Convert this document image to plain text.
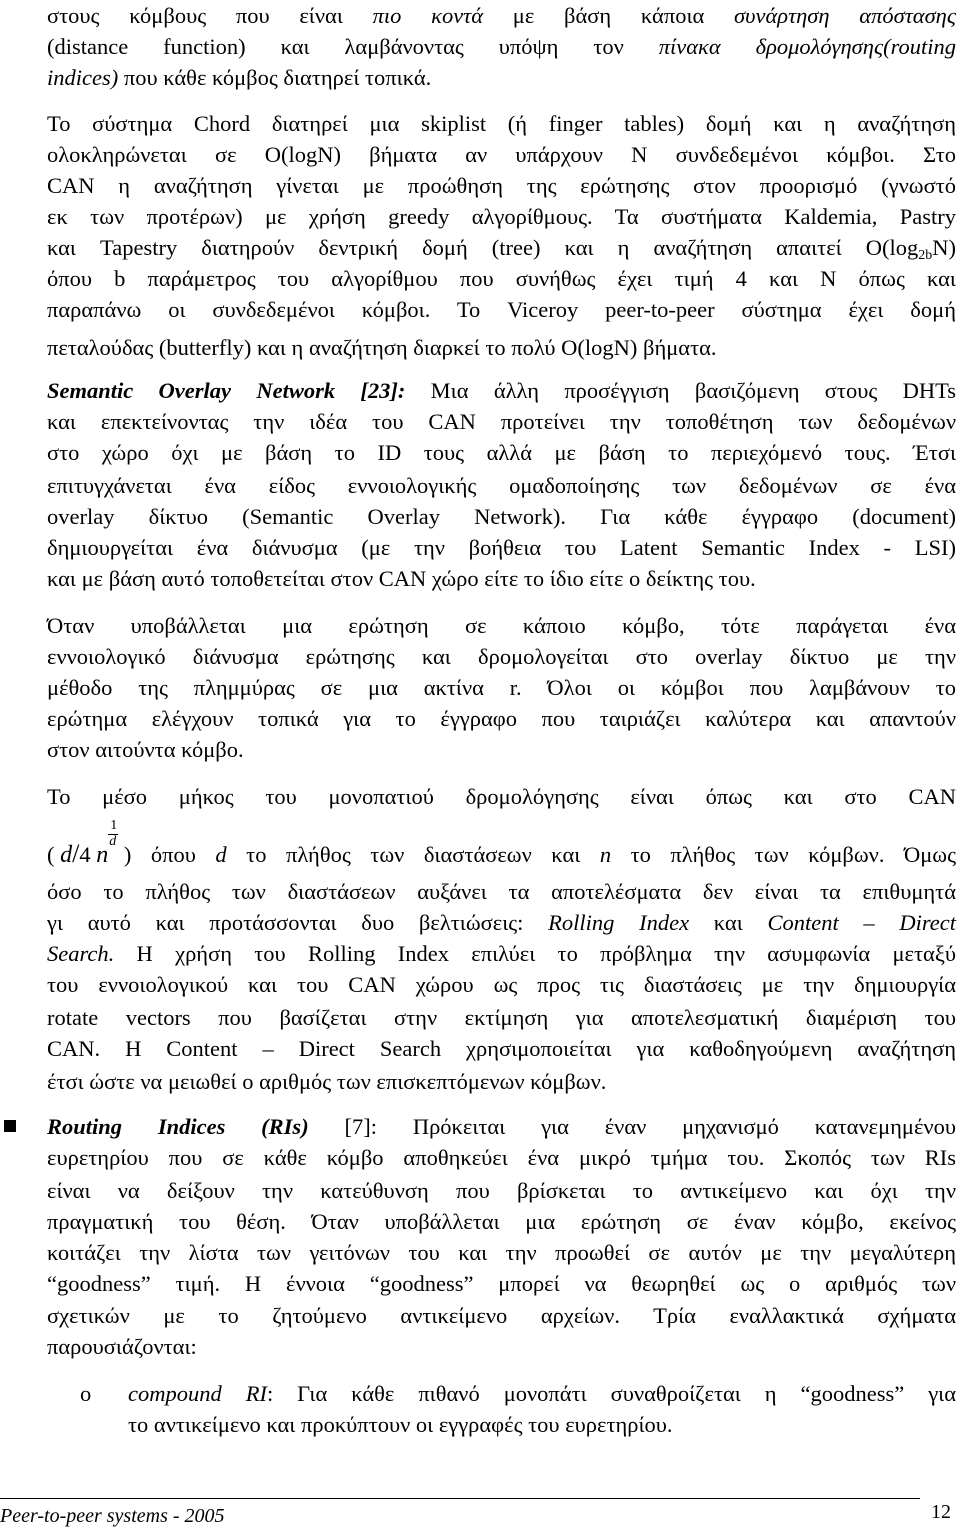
στους κόμβους που είναι πιο κοντά με βάση κάποια συνάρτηση απόστασης
(distance function) και λαμβάνοντας υπόψη τον πίνακα δρομολόγησης(routing
indices) που κάθε κόμβος διατηρεί τοπικά.
Το σύστημα Chord διατηρεί μια skiplist (ή finger tables) δομή και η αναζήτηση
ολοκληρώνεται σε O(logN) βήματα αν υπάρχουν Ν συνδεδεμένοι κόμβοι. Στο
CAN η αναζήτηση γίνεται με προώθηση της ερώτησης στον προορισμό (γνωστό
εκ των προτέρων) με χρήση greedy αλγορίθμους. Τα συστήματα Kaldemia, Pastry
και Tapestry διατηρούν δεντρική δομή (tree) και η αναζήτηση απαιτεί $O(\log_{2b}N)$
όπου b παράμετρος του αλγορίθμου που συνήθως έχει τιμή 4 και N όπως και
παραπάνω οι συνδεδεμένοι κόμβοι. Το Viceroy peer-to-peer σύστημα έχει δομή
πεταλούδας (butterfly) και η αναζήτηση διαρκεί το πολύ O(logN) βήματα.
Semantic Overlay Network [23]: Μια άλλη προσέγγιση βασιζόμενη στους DHTs
και επεκτείνοντας την ιδέα του CAN προτείνει την τοποθέτηση των δεδομένων
στο χώρο όχι με βάση το ID τους αλλά με βάση το περιεχόμενό τους. Έτσι
επιτυγχάνεται ένα είδος εννοιολογικής ομαδοποίησης των δεδομένων σε ένα
overlay δίκτυο (Semantic Overlay Network). Για κάθε έγγραφο (document)
δημιουργείται ένα διάνυσμα (με την βοήθεια του Latent Semantic Index - LSI)
και με βάση αυτό τοποθετείται στον CAN χώρο είτε το ίδιο είτε ο δείκτης του.
Όταν υποβάλλεται μια ερώτηση σε κάποιο κόμβο, τότε παράγεται ένα
εννοιολογικό διάνυσμα ερώτησης και δρομολογείται στο overlay δίκτυο με την
μέθοδο της πλημμύρας σε μια ακτίνα r. Όλοι οι κόμβοι που λαμβάνουν το
ερώτημα ελέγχουν τοπικά για το έγγραφο που ταιριάζει καλύτερα και απαντούν
στον αιτούντα κόμβο.
Το μέσο μήκος του μονοπατιού δρομολόγησης είναι όπως και στο CAN
( d/4 n $\frac{1}{d}$ ) όπου d το πλήθος των διαστάσεων και n το πλήθος των κόμβων. Όμως
όσο το πλήθος των διαστάσεων αυξάνει τα αποτελέσματα δεν είναι τα επιθυμητά
γι αυτό και προτάσσονται δυο βελτιώσεις: Rolling Index και Content – Direct
Search. Η χρήση του Rolling Index επιλύει το πρόβλημα την ασυμφωνία μεταξύ
του εννοιολογικού και του CAN χώρου ως προς τις διαστάσεις με την δημιουργία
rotate vectors που βασίζεται στην εκτίμηση για αποτελεσματική διαμέριση του
CAN. Η Content – Direct Search χρησιμοποιείται για καθοδηγούμενη αναζήτηση
έτσι ώστε να μειωθεί ο αριθμός των επισκεπτόμενων κόμβων.
Routing Indices (RIs) [7]: Πρόκειται για έναν μηχανισμό κατανεμημένου
ευρετηρίου που σε κάθε κόμβο αποθηκεύει ένα μικρό τμήμα του. Σκοπός των RIs
είναι να δείξουν την κατεύθυνση που βρίσκεται το αντικείμενο και όχι την
πραγματική του θέση. Όταν υποβάλλεται μια ερώτηση σε έναν κόμβο, εκείνος
κοιτάζει την λίστα των γειτόνων του και την προωθεί σε αυτόν με την μεγαλύτερη
“goodness” τιμή. Η έννοια “goodness” μπορεί να θεωρηθεί ως ο αριθμός των
σχετικών με το ζητούμενο αντικείμενο αρχείων. Τρία εναλλακτικά σχήματα
παρουσιάζονται:
compound RI: Για κάθε πιθανό μονοπάτι συναθροίζεται η “goodness” για
το αντικείμενο και προκύπτουν οι εγγραφές του ευρετηρίου.
o
Peer-to-peer systems - 2005	12
